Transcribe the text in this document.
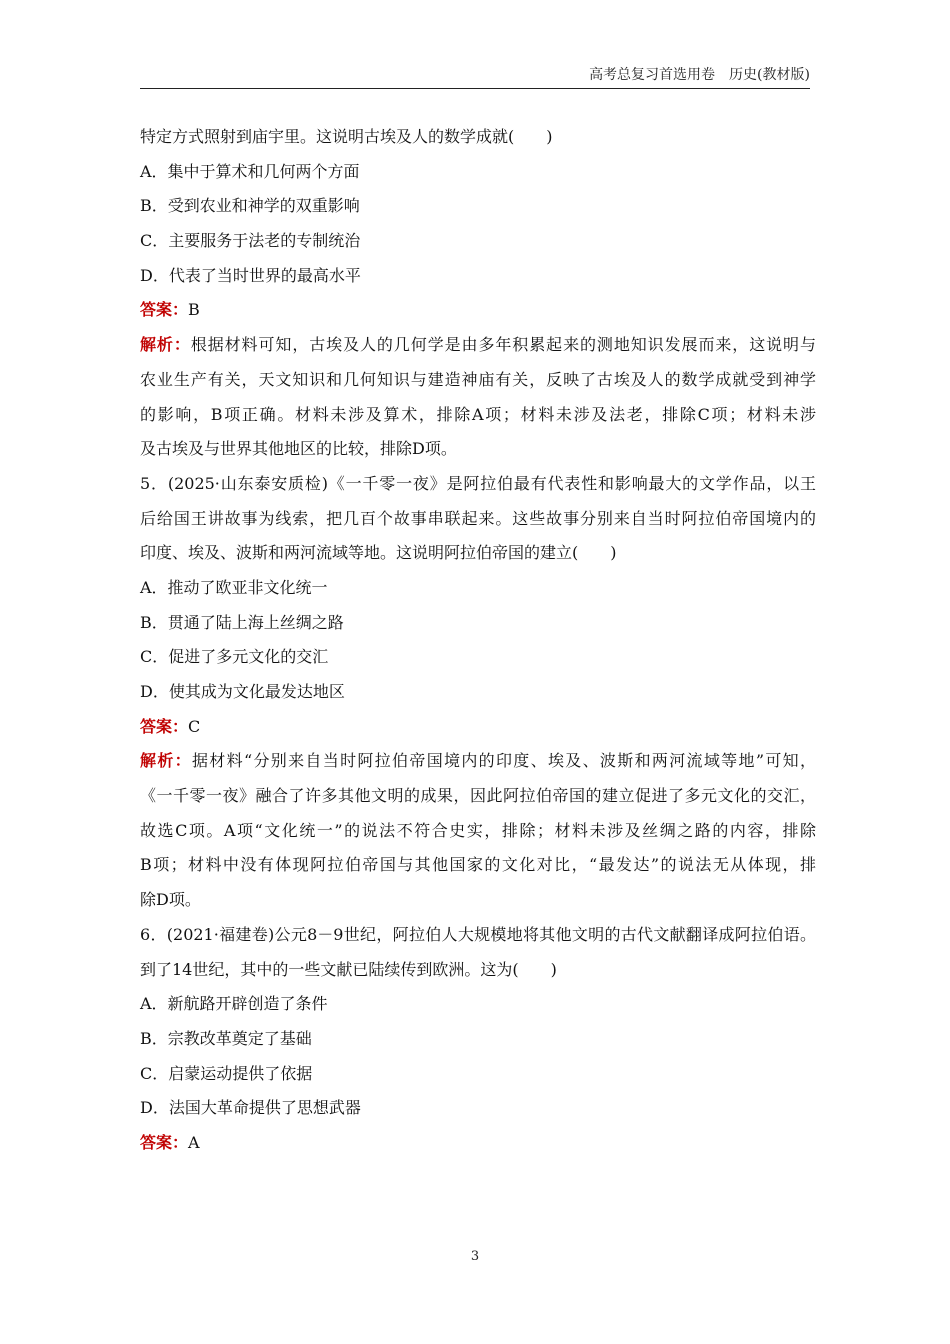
高考总复习首选用卷　历史(教材版)
特定方式照射到庙宇里。这说明古埃及人的数学成就(　　)
A．集中于算术和几何两个方面
B．受到农业和神学的双重影响
C．主要服务于法老的专制统治
D．代表了当时世界的最高水平
答案：B
解析：根据材料可知，古埃及人的几何学是由多年积累起来的测地知识发展而来，这说明与
农业生产有关，天文知识和几何知识与建造神庙有关，反映了古埃及人的数学成就受到神学
的影响，B项正确。材料未涉及算术，排除A项；材料未涉及法老，排除C项；材料未涉
及古埃及与世界其他地区的比较，排除D项。
5．(2025·山东泰安质检)《一千零一夜》是阿拉伯最有代表性和影响最大的文学作品，以王
后给国王讲故事为线索，把几百个故事串联起来。这些故事分别来自当时阿拉伯帝国境内的
印度、埃及、波斯和两河流域等地。这说明阿拉伯帝国的建立(　　)
A．推动了欧亚非文化统一
B．贯通了陆上海上丝绸之路
C．促进了多元文化的交汇
D．使其成为文化最发达地区
答案：C
解析：据材料“分别来自当时阿拉伯帝国境内的印度、埃及、波斯和两河流域等地”可知，
《一千零一夜》融合了许多其他文明的成果，因此阿拉伯帝国的建立促进了多元文化的交汇，
故选C项。A项“文化统一”的说法不符合史实，排除；材料未涉及丝绸之路的内容，排除
B项；材料中没有体现阿拉伯帝国与其他国家的文化对比，“最发达”的说法无从体现，排
除D项。
6．(2021·福建卷)公元8－9世纪，阿拉伯人大规模地将其他文明的古代文献翻译成阿拉伯语。
到了14世纪，其中的一些文献已陆续传到欧洲。这为(　　)
A．新航路开辟创造了条件
B．宗教改革奠定了基础
C．启蒙运动提供了依据
D．法国大革命提供了思想武器
答案：A
3
